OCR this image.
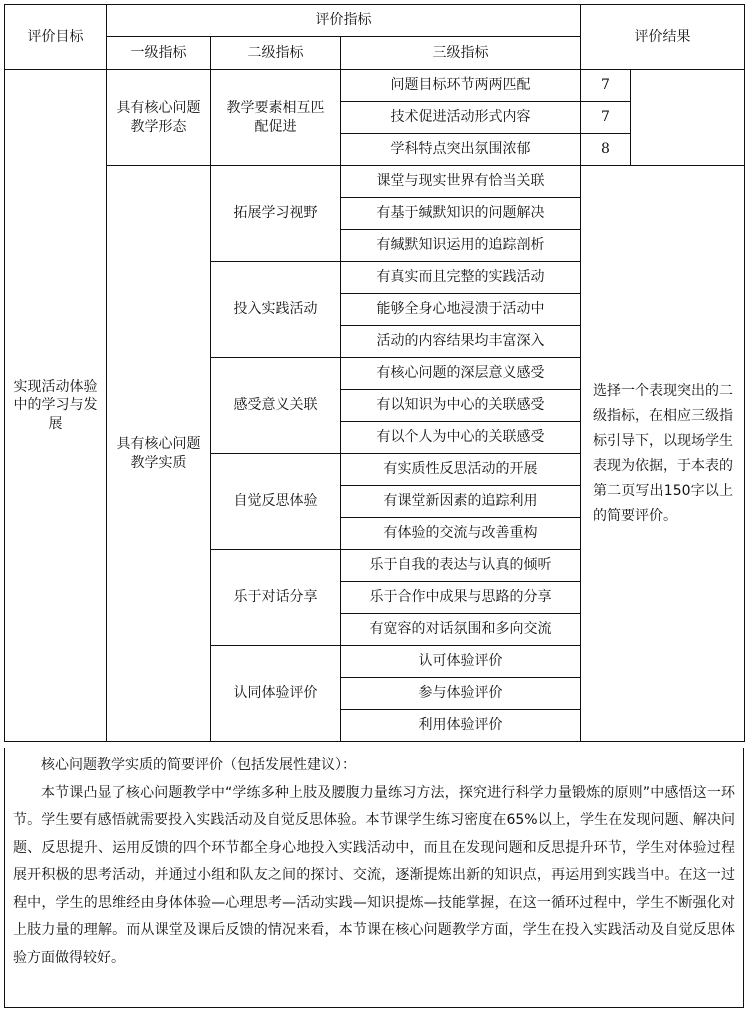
评价目标	评价指标			评价结果	
	一级指标	二级指标	三级指标		

实现活动体验中的学习与发展	具有核心问题教学形态	教学要素相互匹配促进	问题目标环节两两匹配	7	
			技术促进活动形式内容	7	
			学科特点突出氛围浓郁	8	

	具有核心问题教学实质	拓展学习视野	课堂与现实世界有恰当关联	选择一个表现突出的二级指标，在相应三级指标引导下，以现场学生表现为依据，于本表的第二页写出150字以上的简要评价。	

			有基于缄默知识的问题解决		
			有缄默知识运用的追踪剖析		
		投入实践活动	有真实而且完整的实践活动		
			能够全身心地浸溃于活动中		
			活动的内容结果均丰富深入		
		感受意义关联	有核心问题的深层意义感受		
			有以知识为中心的关联感受		
			有以个人为中心的关联感受		
		自觉反思体验	有实质性反思活动的开展		
			有课堂新因素的追踪利用		
			有体验的交流与改善重构		
		乐于对话分享	乐于自我的表达与认真的倾听		
			乐于合作中成果与思路的分享		
			有宽容的对话氛围和多向交流		
		认同体验评价	认可体验评价		
			参与体验评价		
			利用体验评价		

核心问题教学实质的简要评价（包括发展性建议）：

本节课凸显了核心问题教学中“学练多种上肢及腰腹力量练习方法，探究进行科学力量锻炼的原则”中感悟这一环节。学生要有感悟就需要投入实践活动及自觉反思体验。本节课学生练习密度在65%以上，学生在发现问题、解决问题、反思提升、运用反馈的四个环节都全身心地投入实践活动中，而且在发现问题和反思提升环节，学生对体验过程展开积极的思考活动，并通过小组和队友之间的探讨、交流，逐渐提炼出新的知识点，再运用到实践当中。在这一过程中，学生的思维经由身体体验—心理思考—活动实践—知识提炼—技能掌握，在这一循环过程中，学生不断强化对上肢力量的理解。而从课堂及课后反馈的情况来看，本节课在核心问题教学方面，学生在投入实践活动及自觉反思体验方面做得较好。
